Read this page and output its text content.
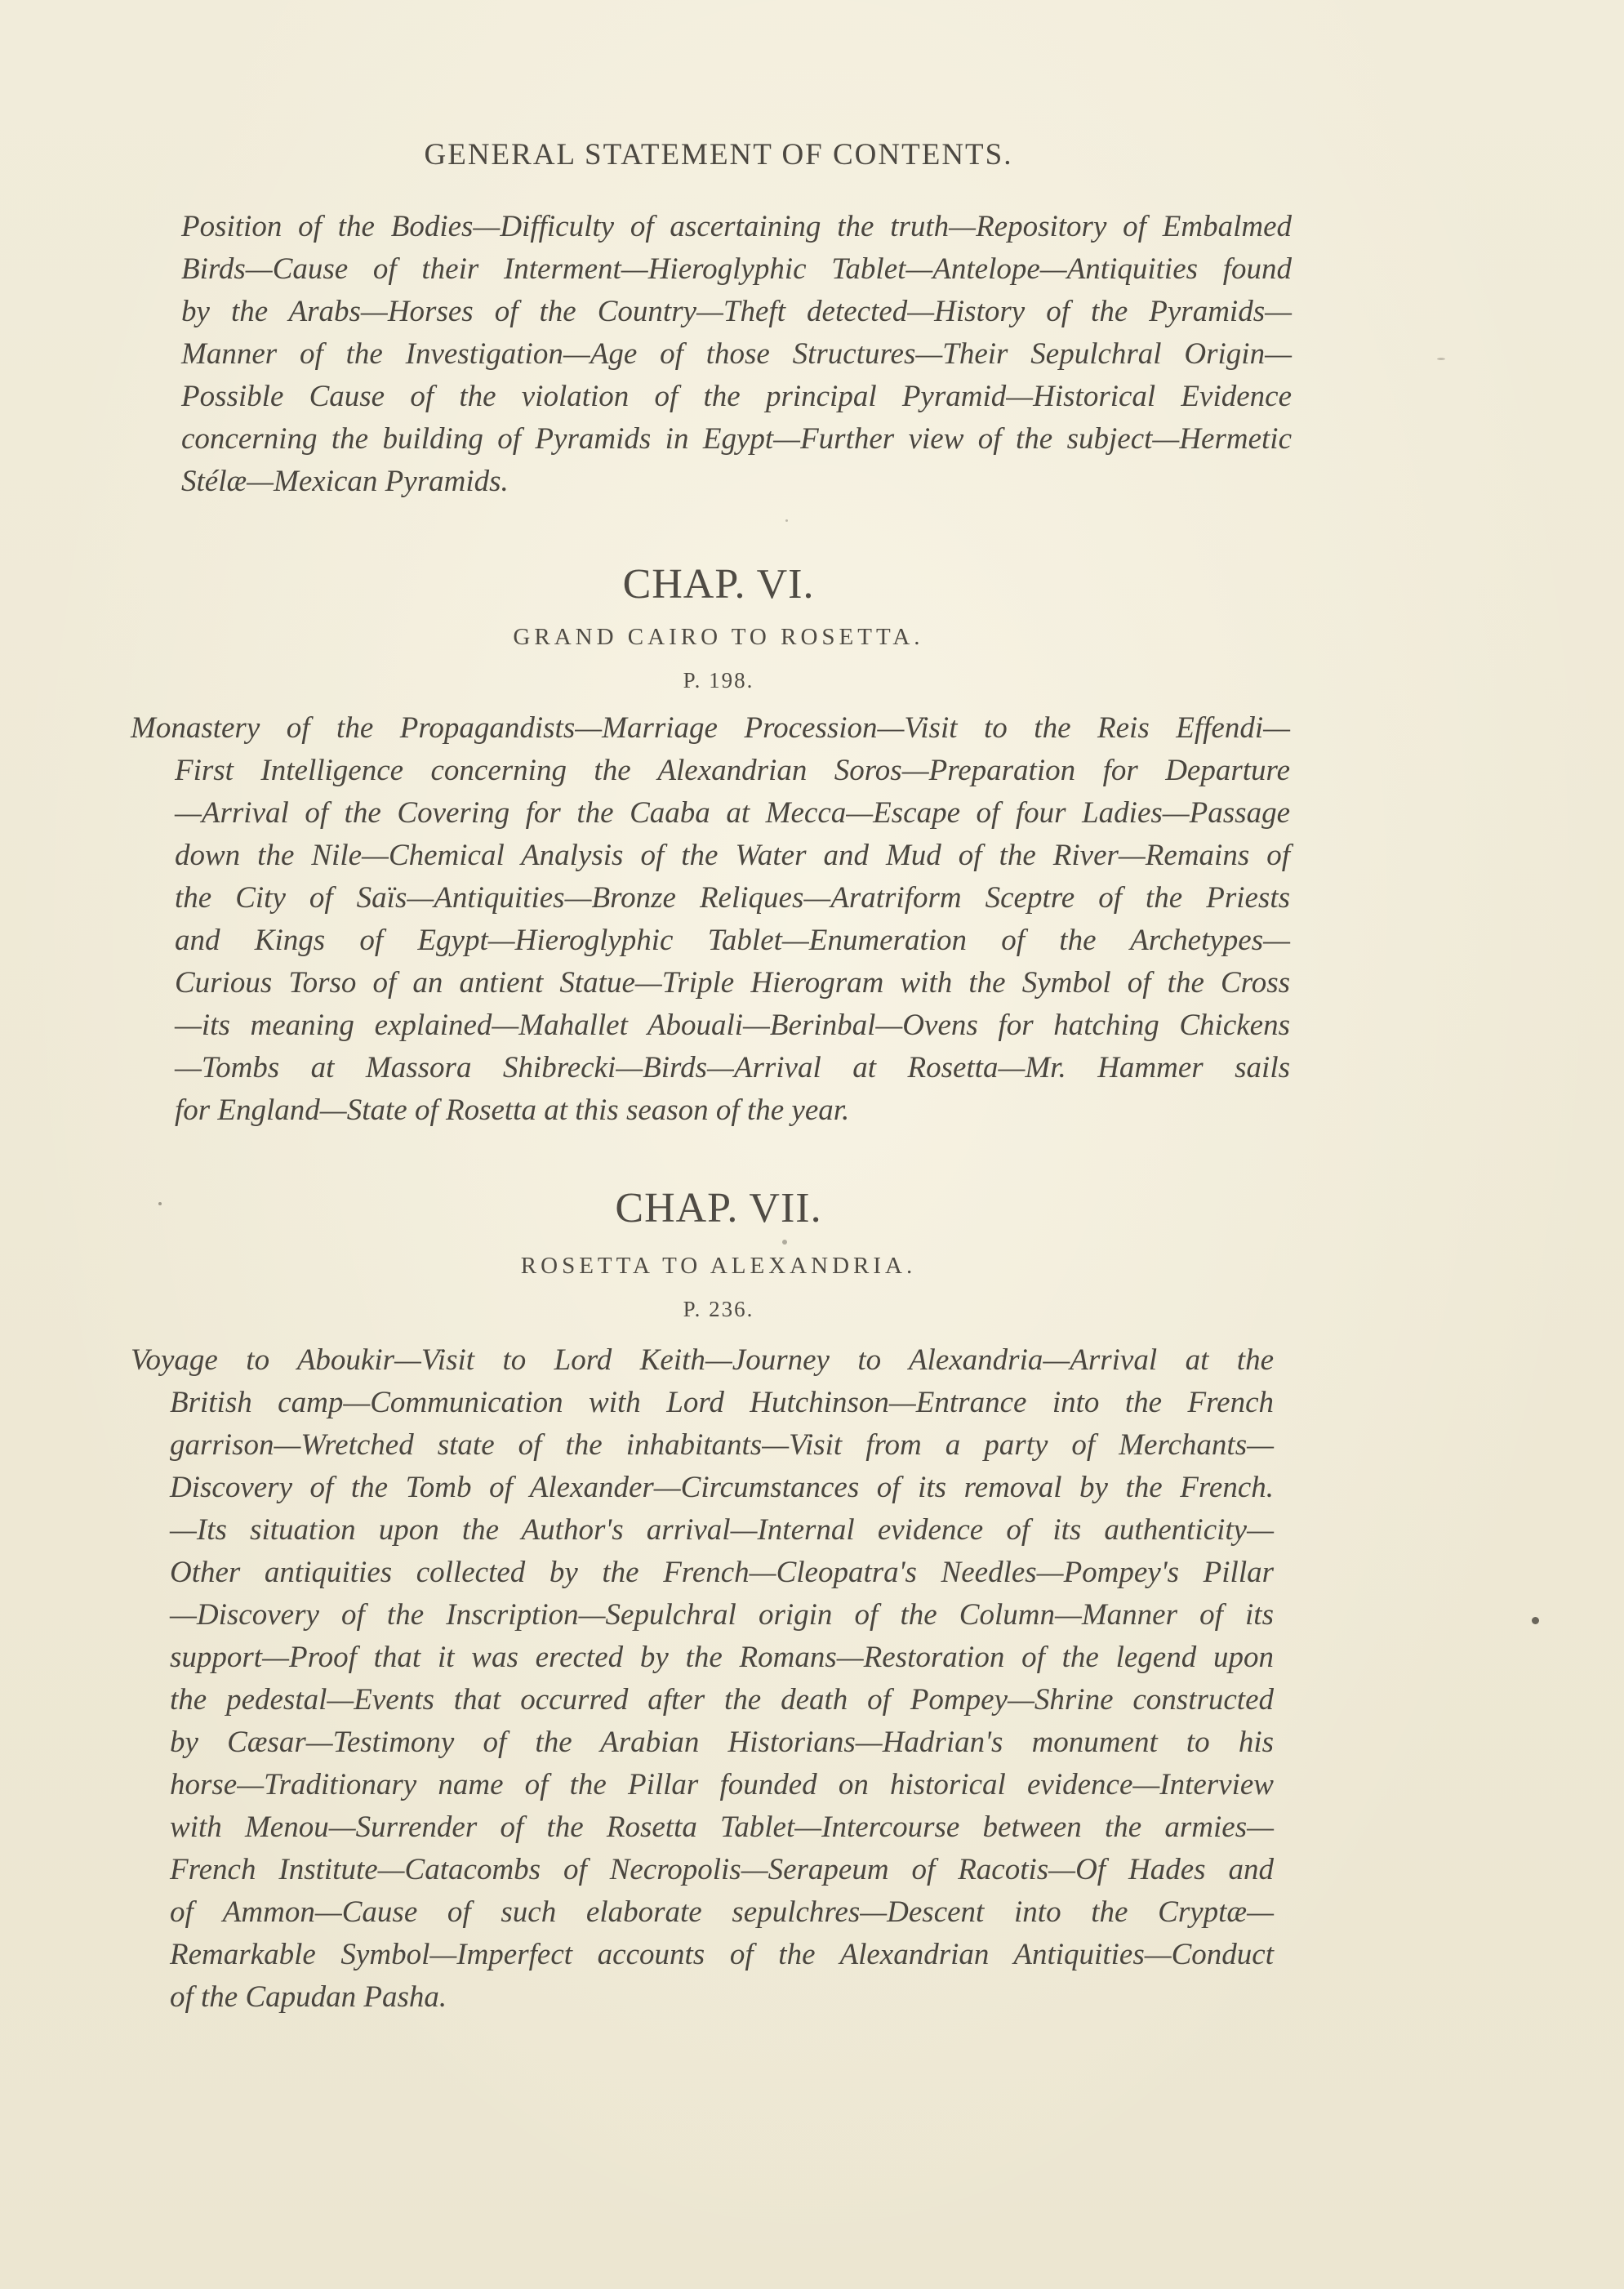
GENERAL STATEMENT OF CONTENTS.
Position of the Bodies—Difficulty of ascertaining the truth—Repository of Embalmed
Birds—Cause of their Interment—Hieroglyphic Tablet—Antelope—Antiquities found
by the Arabs—Horses of the Country—Theft detected—History of the Pyramids—
Manner of the Investigation—Age of those Structures—Their Sepulchral Origin—
Possible Cause of the violation of the principal Pyramid—Historical Evidence
concerning the building of Pyramids in Egypt—Further view of the subject—Hermetic
Stélæ—Mexican Pyramids.
CHAP. VI.
GRAND CAIRO TO ROSETTA.
P. 198.
Monastery of the Propagandists—Marriage Procession—Visit to the Reis Effendi—
First Intelligence concerning the Alexandrian Soros—Preparation for Departure
—Arrival of the Covering for the Caaba at Mecca—Escape of four Ladies—Passage
down the Nile—Chemical Analysis of the Water and Mud of the River—Remains of
the City of Saïs—Antiquities—Bronze Reliques—Aratriform Sceptre of the Priests
and Kings of Egypt—Hieroglyphic Tablet—Enumeration of the Archetypes—
Curious Torso of an antient Statue—Triple Hierogram with the Symbol of the Cross
—its meaning explained—Mahallet Abouali—Berinbal—Ovens for hatching Chickens
—Tombs at Massora Shibrecki—Birds—Arrival at Rosetta—Mr. Hammer sails
for England—State of Rosetta at this season of the year.
CHAP. VII.
ROSETTA TO ALEXANDRIA.
P. 236.
Voyage to Aboukir—Visit to Lord Keith—Journey to Alexandria—Arrival at the
British camp—Communication with Lord Hutchinson—Entrance into the French
garrison—Wretched state of the inhabitants—Visit from a party of Merchants—
Discovery of the Tomb of Alexander—Circumstances of its removal by the French.
—Its situation upon the Author's arrival—Internal evidence of its authenticity—
Other antiquities collected by the French—Cleopatra's Needles—Pompey's Pillar
—Discovery of the Inscription—Sepulchral origin of the Column—Manner of its
support—Proof that it was erected by the Romans—Restoration of the legend upon
the pedestal—Events that occurred after the death of Pompey—Shrine constructed
by Cæsar—Testimony of the Arabian Historians—Hadrian's monument to his
horse—Traditionary name of the Pillar founded on historical evidence—Interview
with Menou—Surrender of the Rosetta Tablet—Intercourse between the armies—
French Institute—Catacombs of Necropolis—Serapeum of Racotis—Of Hades and
of Ammon—Cause of such elaborate sepulchres—Descent into the Cryptæ—
Remarkable Symbol—Imperfect accounts of the Alexandrian Antiquities—Conduct
of the Capudan Pasha.
